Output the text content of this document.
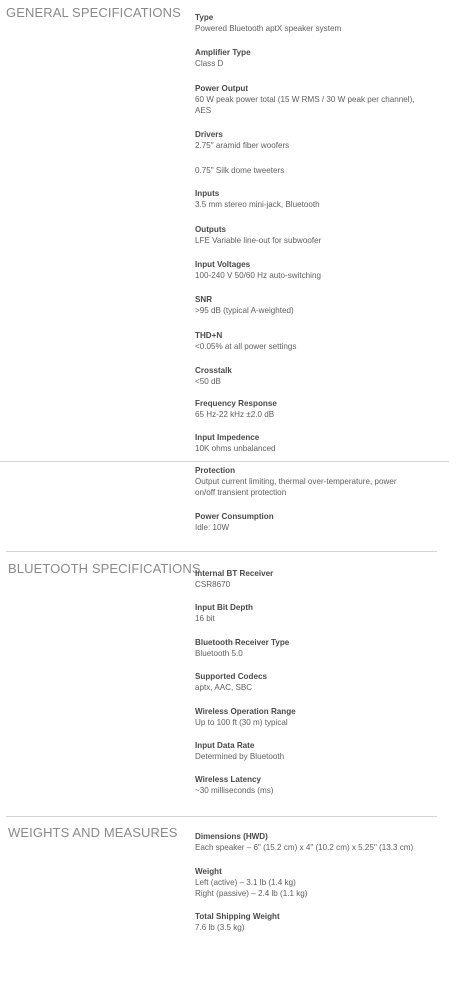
GENERAL SPECIFICATIONS
BLUETOOTH SPECIFICATIONS
WEIGHTS AND MEASURES
Type
Powered Bluetooth aptX speaker system
Amplifier Type
Class D
Power Output
60 W peak power total (15 W RMS / 30 W peak per channel),
AES
Drivers
2.75" aramid fiber woofers
0.75" Silk dome tweeters
Inputs
3.5 mm stereo mini-jack, Bluetooth
Outputs
LFE Variable line-out for subwoofer
Input Voltages
100-240 V 50/60 Hz auto-switching
SNR
>95 dB (typical A-weighted)
THD+N
<0.05% at all power settings
Crosstalk
<50 dB
Frequency Response
65 Hz-22 kHz ±2.0 dB
Input Impedence
10K ohms unbalanced
Protection
Output current limiting, thermal over-temperature, power
on/off transient protection
Power Consumption
Idle: 10W
Internal BT Receiver
CSR8670
Input Bit Depth
16 bit
Bluetooth Receiver Type
Bluetooth 5.0
Supported Codecs
aptx, AAC, SBC
Wireless Operation Range
Up to 100 ft (30 m) typical
Input Data Rate
Determined by Bluetooth
Wireless Latency
~30 milliseconds (ms)
Dimensions (HWD)
Each speaker – 6" (15.2 cm) x 4" (10.2 cm) x 5.25" (13.3 cm)
Weight
Left (active) – 3.1 lb (1.4 kg)
Right (passive) – 2.4 lb (1.1 kg)
Total Shipping Weight
7.6 lb (3.5 kg)
